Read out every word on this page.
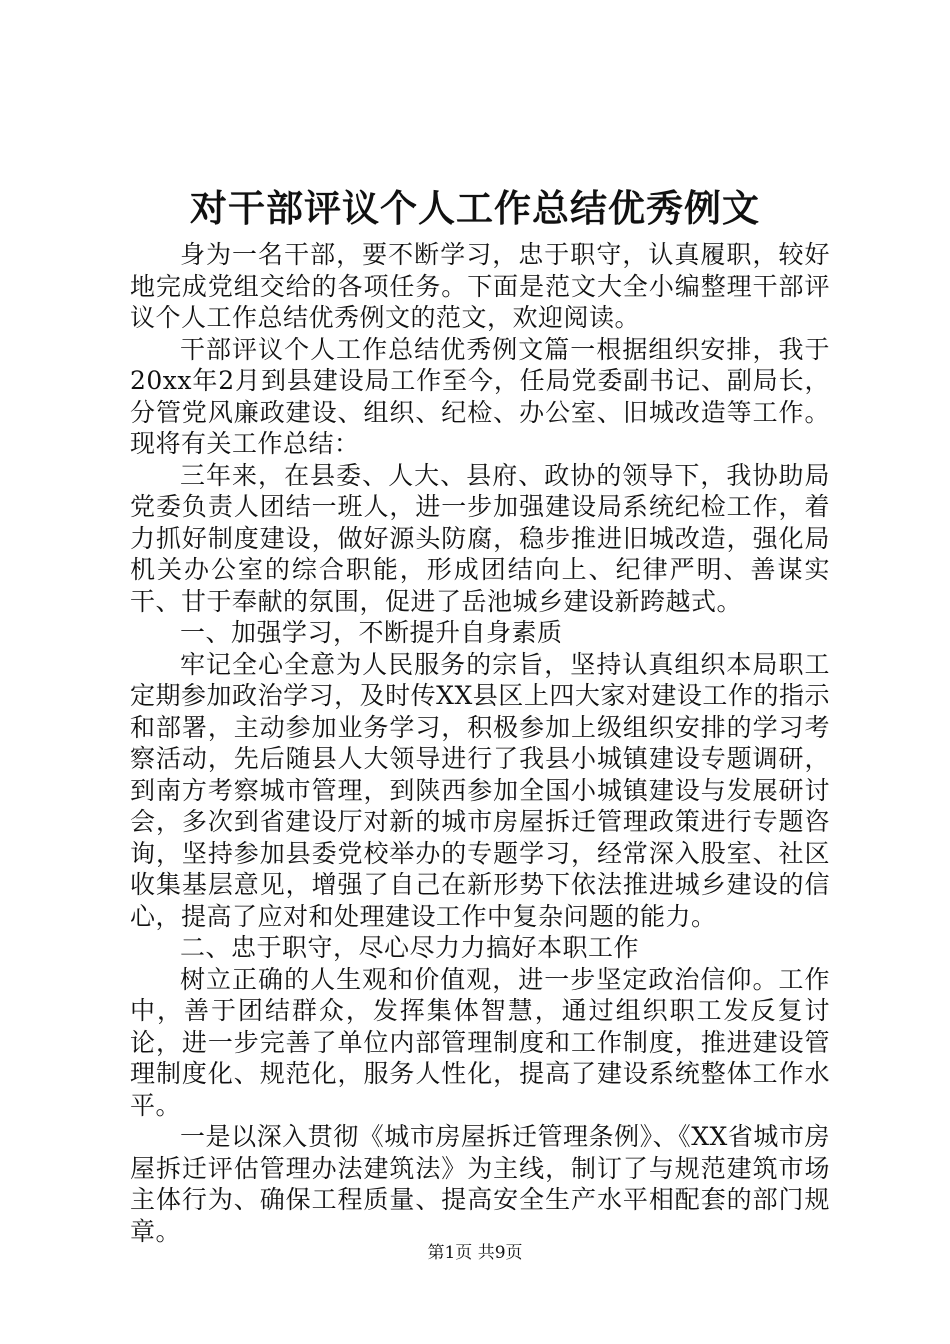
对干部评议个人工作总结优秀例文

身为一名干部，要不断学习，忠于职守，认真履职，较好地完成党组交给的各项任务。下面是范文大全小编整理干部评议个人工作总结优秀例文的范文，欢迎阅读。

干部评议个人工作总结优秀例文篇一根据组织安排，我于20xx年2月到县建设局工作至今，任局党委副书记、副局长，分管党风廉政建设、组织、纪检、办公室、旧城改造等工作。现将有关工作总结：

三年来，在县委、人大、县府、政协的领导下，我协助局党委负责人团结一班人，进一步加强建设局系统纪检工作，着力抓好制度建设，做好源头防腐，稳步推进旧城改造，强化局机关办公室的综合职能，形成团结向上、纪律严明、善谋实干、甘于奉献的氛围，促进了岳池城乡建设新跨越式。

一、加强学习，不断提升自身素质

牢记全心全意为人民服务的宗旨，坚持认真组织本局职工定期参加政治学习，及时传XX县区上四大家对建设工作的指示和部署，主动参加业务学习，积极参加上级组织安排的学习考察活动，先后随县人大领导进行了我县小城镇建设专题调研，到南方考察城市管理，到陕西参加全国小城镇建设与发展研讨会，多次到省建设厅对新的城市房屋拆迁管理政策进行专题咨询，坚持参加县委党校举办的专题学习，经常深入股室、社区收集基层意见，增强了自己在新形势下依法推进城乡建设的信心，提高了应对和处理建设工作中复杂问题的能力。

二、忠于职守，尽心尽力力搞好本职工作

树立正确的人生观和价值观，进一步坚定政治信仰。工作中，善于团结群众，发挥集体智慧，通过组织职工发反复讨论，进一步完善了单位内部管理制度和工作制度，推进建设管理制度化、规范化，服务人性化，提高了建设系统整体工作水平。

一是以深入贯彻《城市房屋拆迁管理条例》、《XX省城市房屋拆迁评估管理办法建筑法》为主线，制订了与规范建筑市场主体行为、确保工程质量、提高安全生产水平相配套的部门规章。

第1页 共9页
